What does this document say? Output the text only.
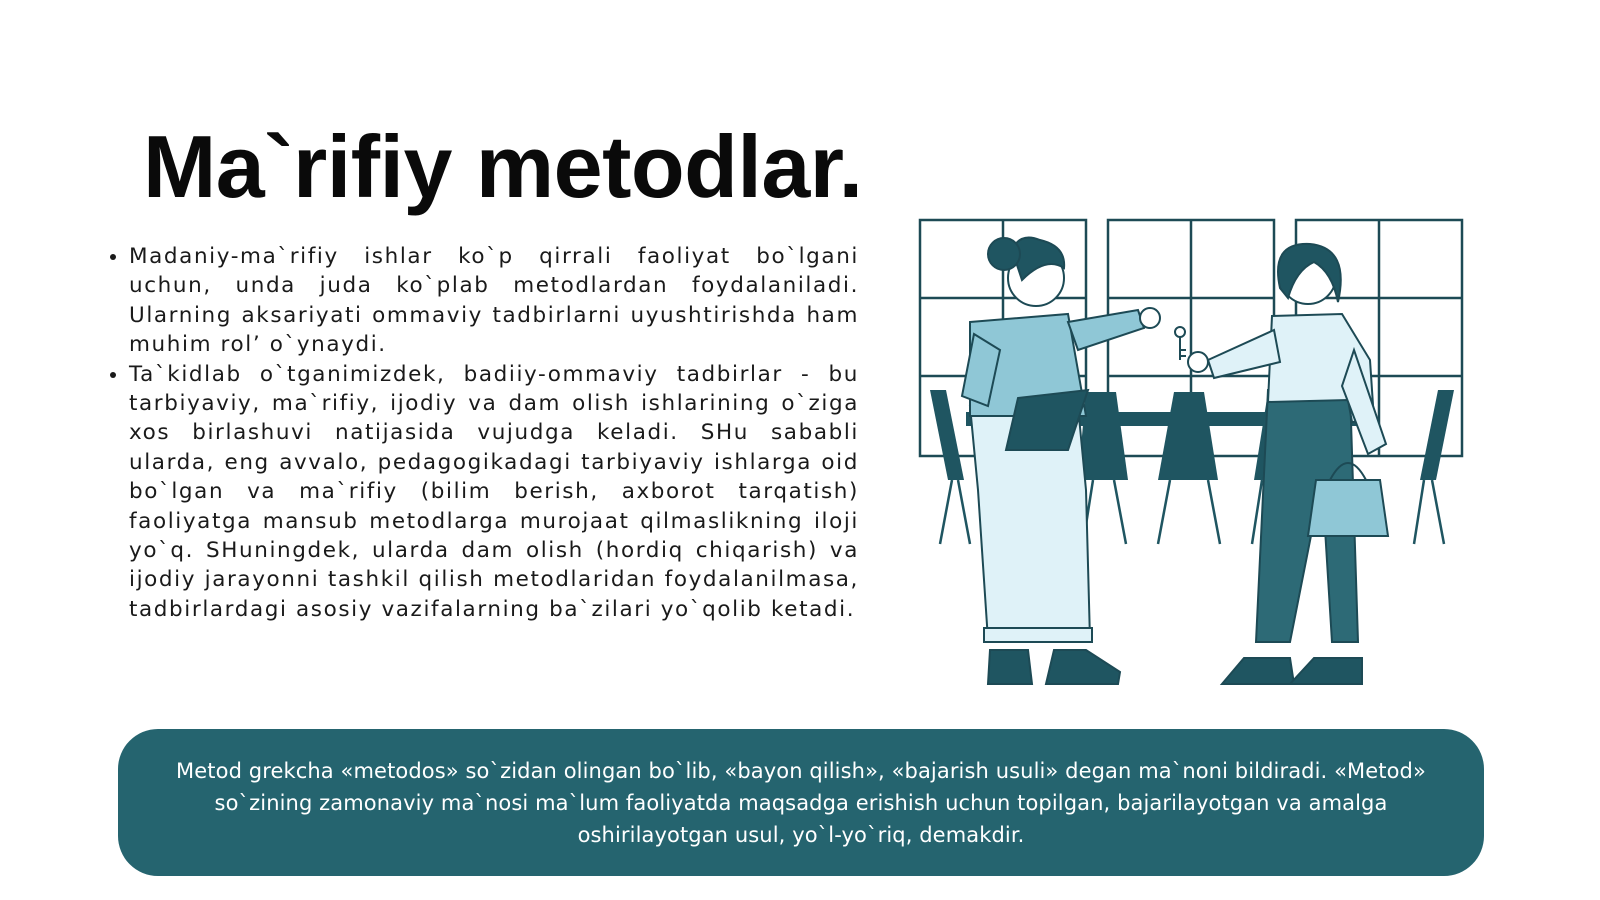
Ma`rifiy metodlar.
• Madaniy-ma`rifiy ishlar ko`p qirrali faoliyat bo`lgani uchun, unda juda ko`plab metodlardan foydalaniladi. Ularning aksariyati ommaviy tadbirlarni uyushtirishda ham muhim rol’ o`ynaydi.
• Ta`kidlab o`tganimizdek, badiiy-ommaviy tadbirlar - bu tarbiyaviy, ma`rifiy, ijodiy va dam olish ishlarining o`ziga xos birlashuvi natijasida vujudga keladi. SHu sababli ularda, eng avvalo, pedagogikadagi tarbiyaviy ishlarga oid bo`lgan va ma`rifiy (bilim berish, axborot tarqatish) faoliyatga mansub metodlarga murojaat qilmaslikning iloji yo`q. SHuningdek, ularda dam olish (hordiq chiqarish) va ijodiy jarayonni tashkil qilish metodlaridan foydalanilmasa, tadbirlardagi asosiy vazifalarning ba`zilari yo`qolib ketadi.

Metod grekcha «metodos» so`zidan olingan bo`lib, «bayon qilish», «bajarish usuli» degan ma`noni bildiradi. «Metod» so`zining zamonaviy ma`nosi ma`lum faoliyatda maqsadga erishish uchun topilgan, bajarilayotgan va amalga oshirilayotgan usul, yo`l-yo`riq, demakdir.
